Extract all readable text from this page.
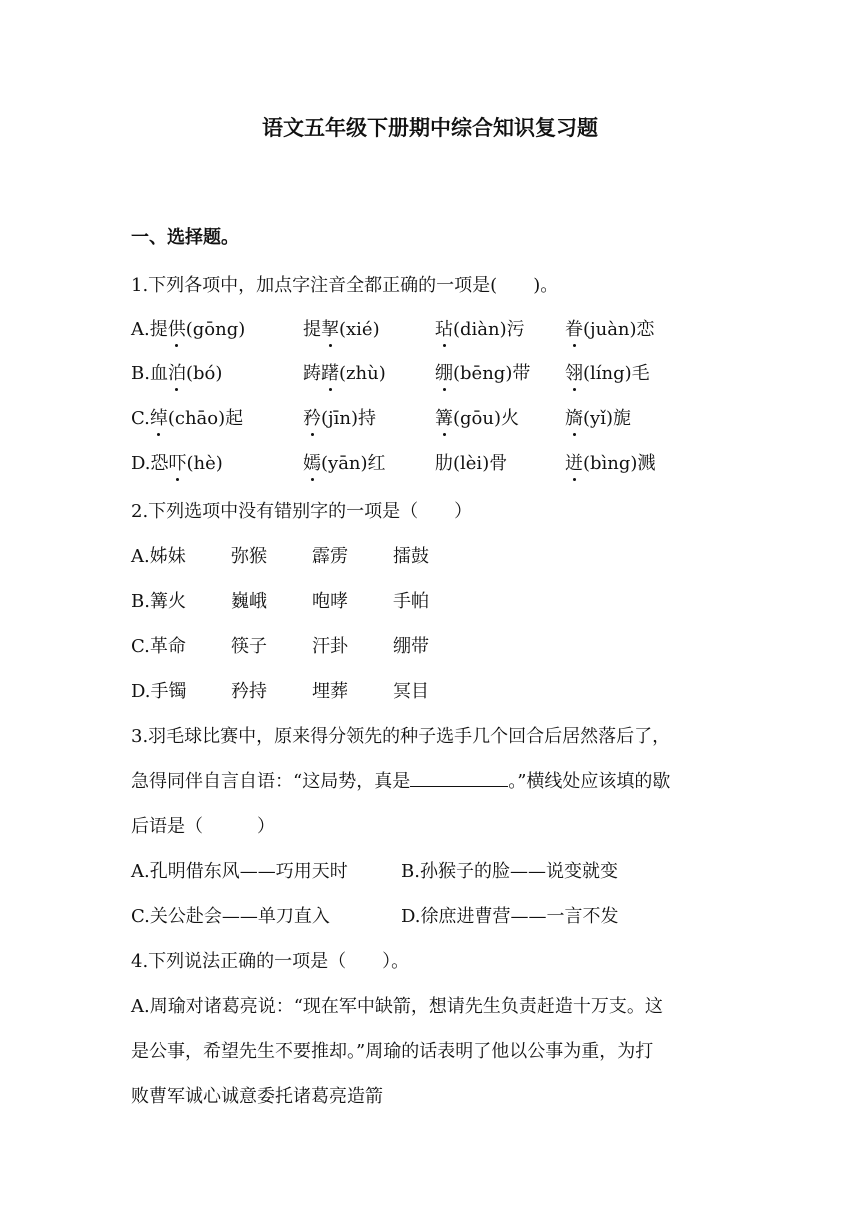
语文五年级下册期中综合知识复习题
一、选择题。
1.下列各项中，加点字注音全都正确的一项是(　　)。
A.提供(gōng)	提挈(xié)	玷(diàn)污 眷(juàn)恋
B.血泊(bó)	踌躇(zhù)	绷(bēng)带 翎(líng)毛
C.绰(chāo)起	矜(jīn)持	篝(gōu)火	旖(yǐ)旎
D.恐吓(hè)	嫣(yān)红	肋(lèi)骨	迸(bìng)溅
2.下列选项中没有错别字的一项是（　　）
A.姊妹	弥猴	霹雳	擂鼓
B.篝火	巍峨	咆哮	手帕
C.革命	筷子	汗卦	绷带
D.手镯 矜持	埋葬	冥目
3.羽毛球比赛中，原来得分领先的种子选手几个回合后居然落后了，
急得同伴自言自语：“这局势，真是	。”横线处应该填的歇
后语是（　　　）
A.孔明借东风——巧用天时	B.孙猴子的脸——说变就变
C.关公赴会——单刀直入	D.徐庶进曹营——一言不发
4.下列说法正确的一项是（　　）。
A.周瑜对诸葛亮说：“现在军中缺箭，想请先生负责赶造十万支。这
是公事，希望先生不要推却。”周瑜的话表明了他以公事为重，为打
败曹军诚心诚意委托诸葛亮造箭
